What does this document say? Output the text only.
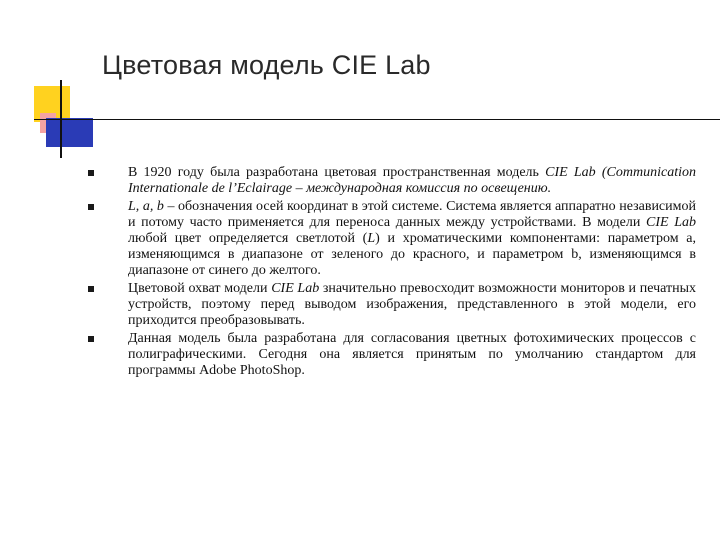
Цветовая модель CIE Lab
В 1920 году была разработана цветовая пространственная модель CIE Lab (Communication Internationale de l’Eclairage – международная комиссия по освещению.
L, a, b – обозначения осей координат в этой системе. Система является аппаратно независимой и потому часто применяется для переноса данных между устройствами. В модели CIE Lab любой цвет определяется светлотой (L) и хроматическими компонентами: параметром a, изменяющимся в диапазоне от зеленого до красного, и параметром b, изменяющимся в диапазоне от синего до желтого.
Цветовой охват модели CIE Lab значительно превосходит возможности мониторов и печатных устройств, поэтому перед выводом изображения, представленного в этой модели, его приходится преобразовывать.
Данная модель была разработана для согласования цветных фотохимических процессов с полиграфическими. Сегодня она является принятым по умолчанию стандартом для программы Adobe PhotoShop.
